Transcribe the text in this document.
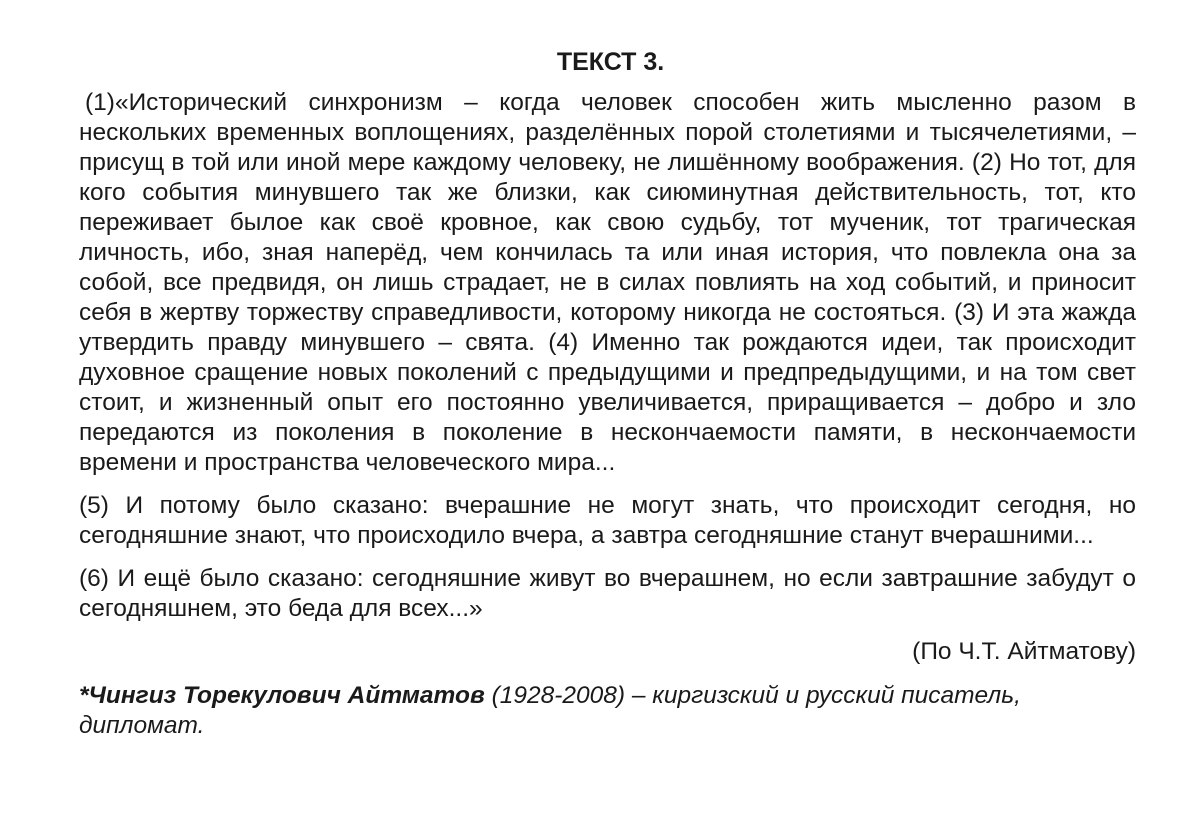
ТЕКСТ 3.

(1)«Исторический синхронизм – когда человек способен жить мысленно разом в нескольких временных воплощениях, разделённых порой столетиями и тысячелетиями, – присущ в той или иной мере каждому человеку, не лишённому воображения. (2) Но тот, для кого события минувшего так же близки, как сиюминутная действительность, тот, кто переживает былое как своё кровное, как свою судьбу, тот мученик, тот трагическая личность, ибо, зная наперёд, чем кончилась та или иная история, что повлекла она за собой, все предвидя, он лишь страдает, не в силах повлиять на ход событий, и приносит себя в жертву торжеству справедливости, которому никогда не состояться. (3) И эта жажда утвердить правду минувшего – свята. (4) Именно так рождаются идеи, так происходит духовное сращение новых поколений с предыдущими и предпредыдущими, и на том свет стоит, и жизненный опыт его постоянно увеличивается, приращивается – добро и зло передаются из поколения в поколение в нескончаемости памяти, в нескончаемости времени и пространства человеческого мира...

(5) И потому было сказано: вчерашние не могут знать, что происходит сегодня, но сегодняшние знают, что происходило вчера, а завтра сегодняшние станут вчерашними...

(6) И ещё было сказано: сегодняшние живут во вчерашнем, но если завтрашние забудут о сегодняшнем, это беда для всех...»

(По Ч.Т. Айтматову)

*Чингиз Торекулович Айтматов (1928-2008) – киргизский и русский писатель, дипломат.
